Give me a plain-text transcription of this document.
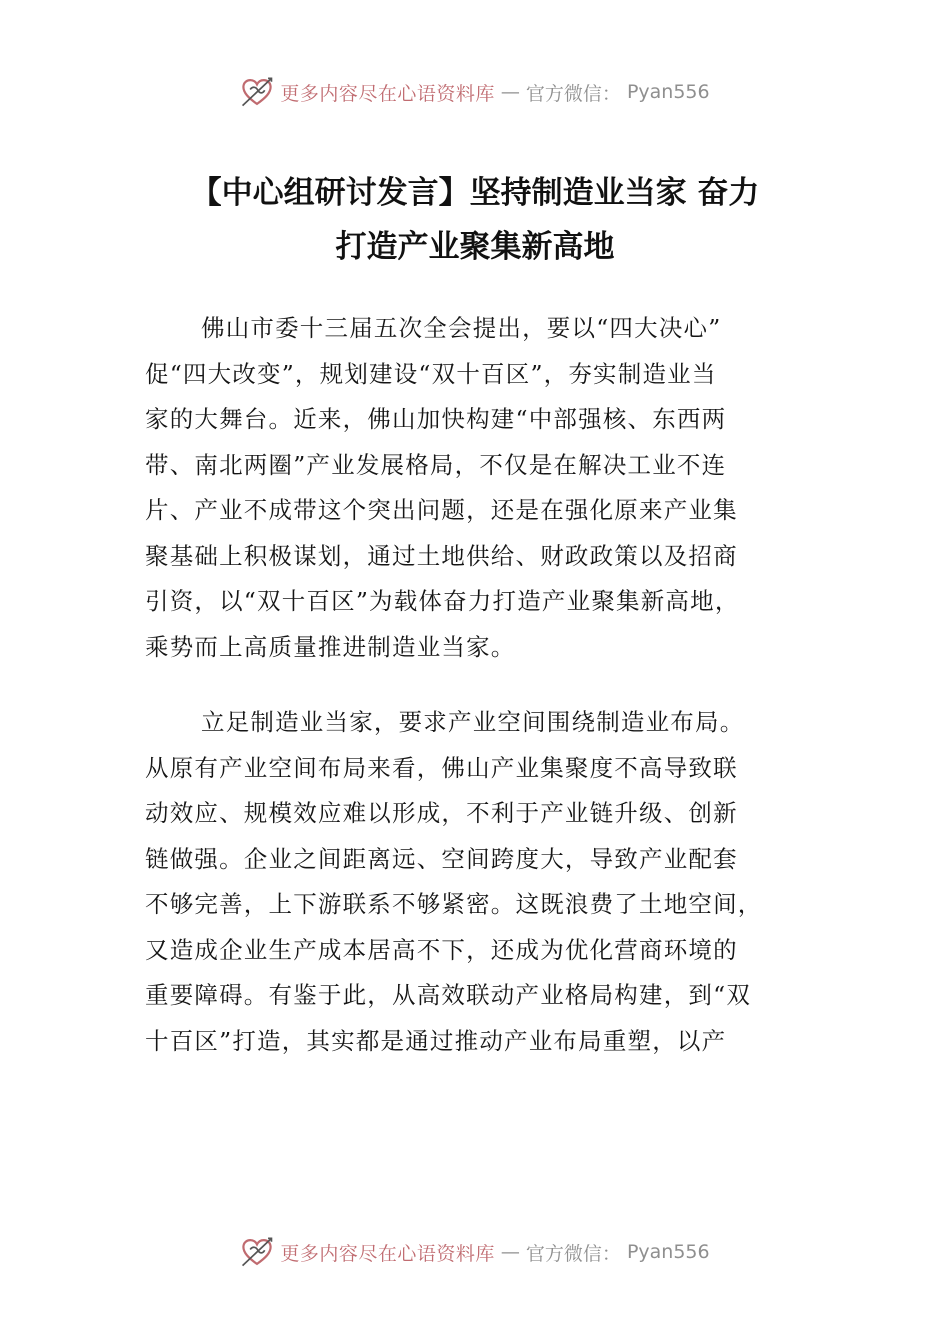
更多内容尽在心语资料库 — 官方微信： Pyan556
【中心组研讨发言】坚持制造业当家 奋力
打造产业聚集新高地
佛山市委十三届五次全会提出，要以“四大决心”
促“四大改变”，规划建设“双十百区”，夯实制造业当
家的大舞台。近来，佛山加快构建“中部强核、东西两
带、南北两圈”产业发展格局，不仅是在解决工业不连
片、产业不成带这个突出问题，还是在强化原来产业集
聚基础上积极谋划，通过土地供给、财政政策以及招商
引资，以“双十百区”为载体奋力打造产业聚集新高地，
乘势而上高质量推进制造业当家。
立足制造业当家，要求产业空间围绕制造业布局。
从原有产业空间布局来看，佛山产业集聚度不高导致联
动效应、规模效应难以形成，不利于产业链升级、创新
链做强。企业之间距离远、空间跨度大，导致产业配套
不够完善，上下游联系不够紧密。这既浪费了土地空间，
又造成企业生产成本居高不下，还成为优化营商环境的
重要障碍。有鉴于此，从高效联动产业格局构建，到“双
十百区”打造，其实都是通过推动产业布局重塑，以产
更多内容尽在心语资料库 — 官方微信： Pyan556
